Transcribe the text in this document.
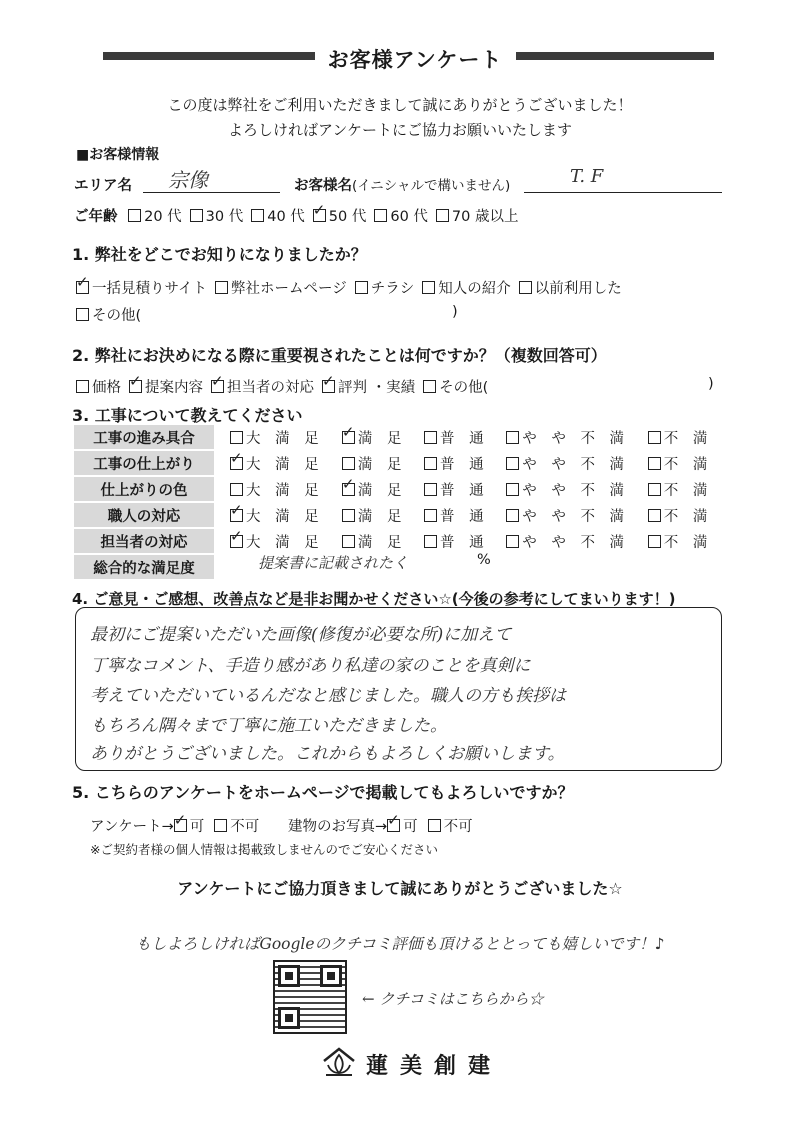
お客様アンケート
この度は弊社をご利用いただきまして誠にありがとうございました！
よろしければアンケートにご協力お願いいたします
■お客様情報
エリア名 宗像	お客様名(イニシャルで構いません)	T. F
ご年齢 20 代 30 代 40 代 ✓ 50 代 60 代 70 歳以上
1. 弊社をどこでお知りになりましたか？
✓一括見積りサイト 弊社ホームページ チラシ 知人の紹介 以前利用した
その他(	)
2. 弊社にお決めになる際に重要視されたことは何ですか？（複数回答可）
価格 ✓ 提案内容 ✓ 担当者の対応 ✓ 評判 ・実績 その他(	)
3. 工事について教えてください
工事の進み具合	大 満 足	✓満 足	普 通	や や 不 満	不 満
工事の仕上がり	✓大 満 足	満 足	普 通	や や 不 満	不 満
仕上がりの色	大 満 足	✓満 足	普 通	や や 不 満	不 満
職人の対応	✓大 満 足	満 足	普 通	や や 不 満	不 満
担当者の対応	✓大 満 足	満 足	普 通	や や 不 満	不 満
総合的な満足度						提案書に記載されたく	%
4. ご意見・ご感想、改善点など是非お聞かせください☆(今後の参考にしてまいります！)
最初にご提案いただいた画像(修復が必要な所)に加えて
丁寧なコメント、手造り感があり私達の家のことを真剣に
考えていただいているんだなと感じました。職人の方も挨拶は
もちろん隅々まで丁寧に施工いただきました。
ありがとうございました。これからもよろしくお願いします。
5. こちらのアンケートをホームページで掲載してもよろしいですか？
アンケート→ ✓ 可 不可 建物のお写真→ ✓ 可 不可
※ご契約者様の個人情報は掲載致しませんのでご安心ください
アンケートにご協力頂きまして誠にありがとうございました☆
もしよろしければGoogleのクチコミ評価も頂けるととっても嬉しいです！♪
← クチコミはこちらから☆
蓮美創建
